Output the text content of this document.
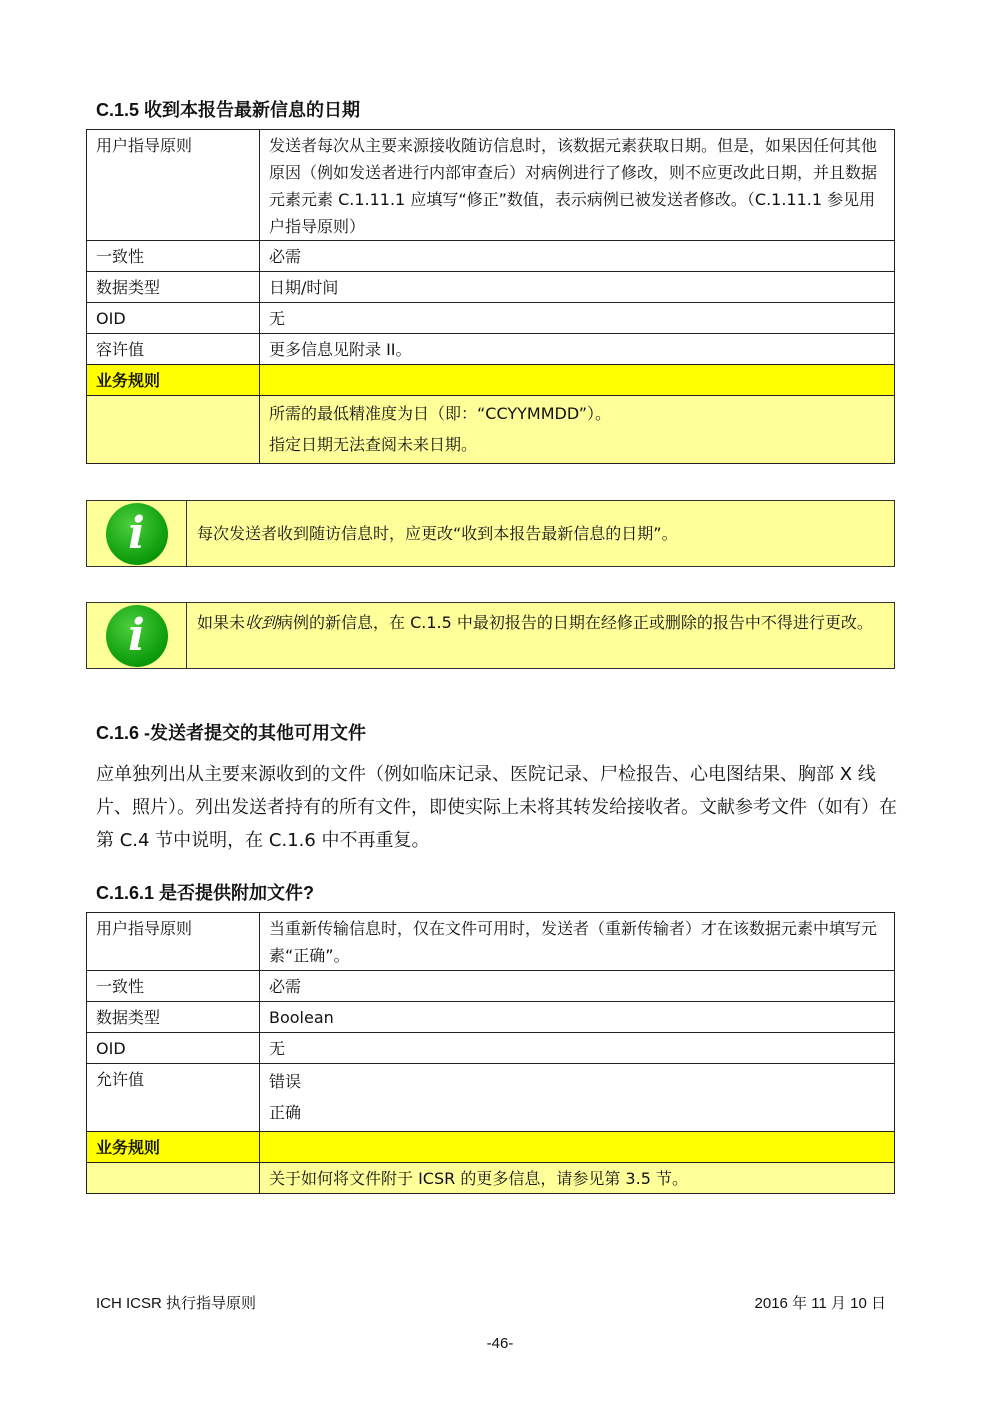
C.1.5 收到本报告最新信息的日期
用户指导原则	发送者每次从主要来源接收随访信息时，该数据元素获取日期。但是，如果因任何其他原因（例如发送者进行内部审查后）对病例进行了修改，则不应更改此日期，并且数据元素元素 C.1.11.1 应填写“修正”数值，表示病例已被发送者修改。（C.1.11.1 参见用户指导原则）
一致性	必需
数据类型	日期/时间
OID	无
容许值	更多信息见附录 II。
业务规则	

	所需的最低精准度为日（即：“CCYYMMDD”）。
指定日期无法查阅未来日期。
i	每次发送者收到随访信息时，应更改“收到本报告最新信息的日期”。
i	如果未收到病例的新信息，在 C.1.5 中最初报告的日期在经修正或删除的报告中不得进行更改。
C.1.6 -发送者提交的其他可用文件
应单独列出从主要来源收到的文件（例如临床记录、医院记录、尸检报告、心电图结果、胸部 X 线片、照片）。列出发送者持有的所有文件，即使实际上未将其转发给接收者。文献参考文件（如有）在第 C.4 节中说明，在 C.1.6 中不再重复。
C.1.6.1 是否提供附加文件?
用户指导原则	当重新传输信息时，仅在文件可用时，发送者（重新传输者）才在该数据元素中填写元素“正确”。
一致性	必需
数据类型	Boolean
OID	无
允许值	错误
正确

业务规则	
	关于如何将文件附于 ICSR 的更多信息，请参见第 3.5 节。
ICH ICSR 执行指导原则	2016 年 11 月 10 日
-46-
